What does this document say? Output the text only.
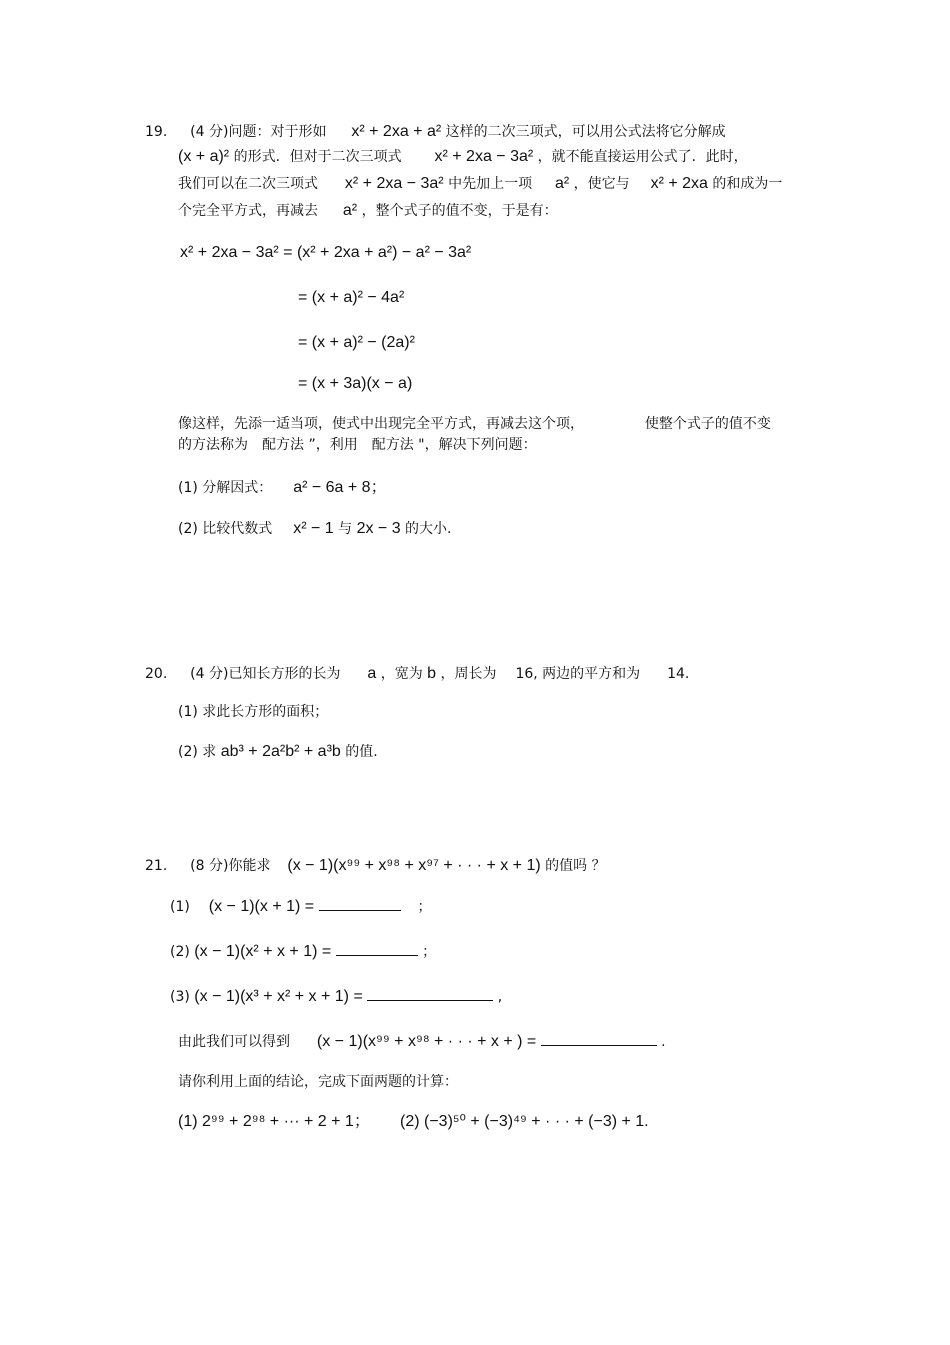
19. (4 分)问题：对于形如 x² + 2xa + a² 这样的二次三项式，可以用公式法将它分解成
(x + a)² 的形式．但对于二次三项式 x² + 2xa − 3a² ，就不能直接运用公式了．此时，
我们可以在二次三项式 x² + 2xa − 3a² 中先加上一项 a² ，使它与 x² + 2xa 的和成为一
个完全平方式，再减去 a² ，整个式子的值不变，于是有：
x² + 2xa − 3a² = (x² + 2xa + a²) − a² − 3a²
= (x + a)² − 4a²
= (x + a)² − (2a)²
= (x + 3a)(x − a)
像这样，先添一适当项，使式中出现完全平方式，再减去这个项，	使整个式子的值不变
的方法称为　配方法 ”，利用　配方法 "，解决下列问题：
(1) 分解因式： a² − 6a + 8；
(2) 比较代数式 x² − 1 与 2x − 3 的大小.
20. (4 分)已知长方形的长为 a ，宽为 b ，周长为 16, 两边的平方和为 14.
(1) 求此长方形的面积；
(2) 求 ab³ + 2a²b² + a³b 的值.
21. (8 分)你能求 (x − 1)(x⁹⁹ + x⁹⁸ + x⁹⁷ + · · · + x + 1) 的值吗 ？
(1) (x − 1)(x + 1) =	；
(2) (x − 1)(x² + x + 1) =	；
(3) (x − 1)(x³ + x² + x + 1) =	,
由此我们可以得到 (x − 1)(x⁹⁹ + x⁹⁸ + · · · + x + ) =	.
请你利用上面的结论，完成下面两题的计算：
(1) 2⁹⁹ + 2⁹⁸ + ··· + 2 + 1； (2) (−3)⁵⁰ + (−3)⁴⁹ + · · · + (−3) + 1.
